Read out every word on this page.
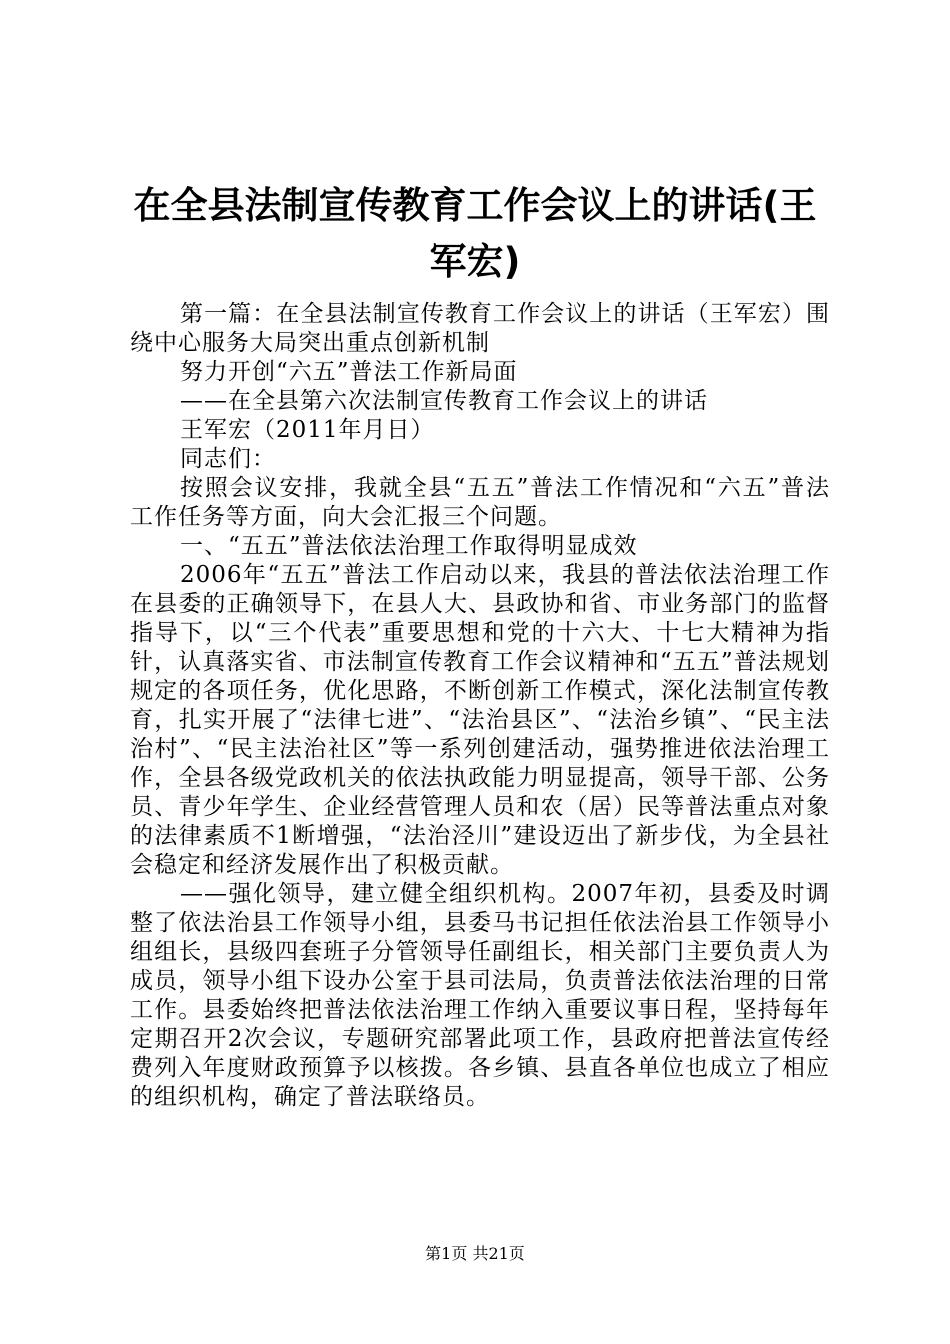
在全县法制宣传教育工作会议上的讲话(王军宏)

第一篇：在全县法制宣传教育工作会议上的讲话（王军宏）围绕中心服务大局突出重点创新机制

努力开创“六五”普法工作新局面

——在全县第六次法制宣传教育工作会议上的讲话

王军宏（2011年月日）

同志们：

按照会议安排，我就全县“五五”普法工作情况和“六五”普法工作任务等方面，向大会汇报三个问题。

一、“五五”普法依法治理工作取得明显成效

2006年“五五”普法工作启动以来，我县的普法依法治理工作在县委的正确领导下，在县人大、县政协和省、市业务部门的监督指导下，以“三个代表”重要思想和党的十六大、十七大精神为指针，认真落实省、市法制宣传教育工作会议精神和“五五”普法规划规定的各项任务，优化思路，不断创新工作模式，深化法制宣传教育，扎实开展了“法律七进”、“法治县区”、“法治乡镇”、“民主法治村”、“民主法治社区”等一系列创建活动，强势推进依法治理工作，全县各级党政机关的依法执政能力明显提高，领导干部、公务员、青少年学生、企业经营管理人员和农（居）民等普法重点对象的法律素质不1断增强，“法治泾川”建设迈出了新步伐，为全县社会稳定和经济发展作出了积极贡献。

——强化领导，建立健全组织机构。2007年初，县委及时调整了依法治县工作领导小组，县委马书记担任依法治县工作领导小组组长，县级四套班子分管领导任副组长，相关部门主要负责人为成员，领导小组下设办公室于县司法局，负责普法依法治理的日常工作。县委始终把普法依法治理工作纳入重要议事日程，坚持每年定期召开2次会议，专题研究部署此项工作，县政府把普法宣传经费列入年度财政预算予以核拨。各乡镇、县直各单位也成立了相应的组织机构，确定了普法联络员。

第1页 共21页
